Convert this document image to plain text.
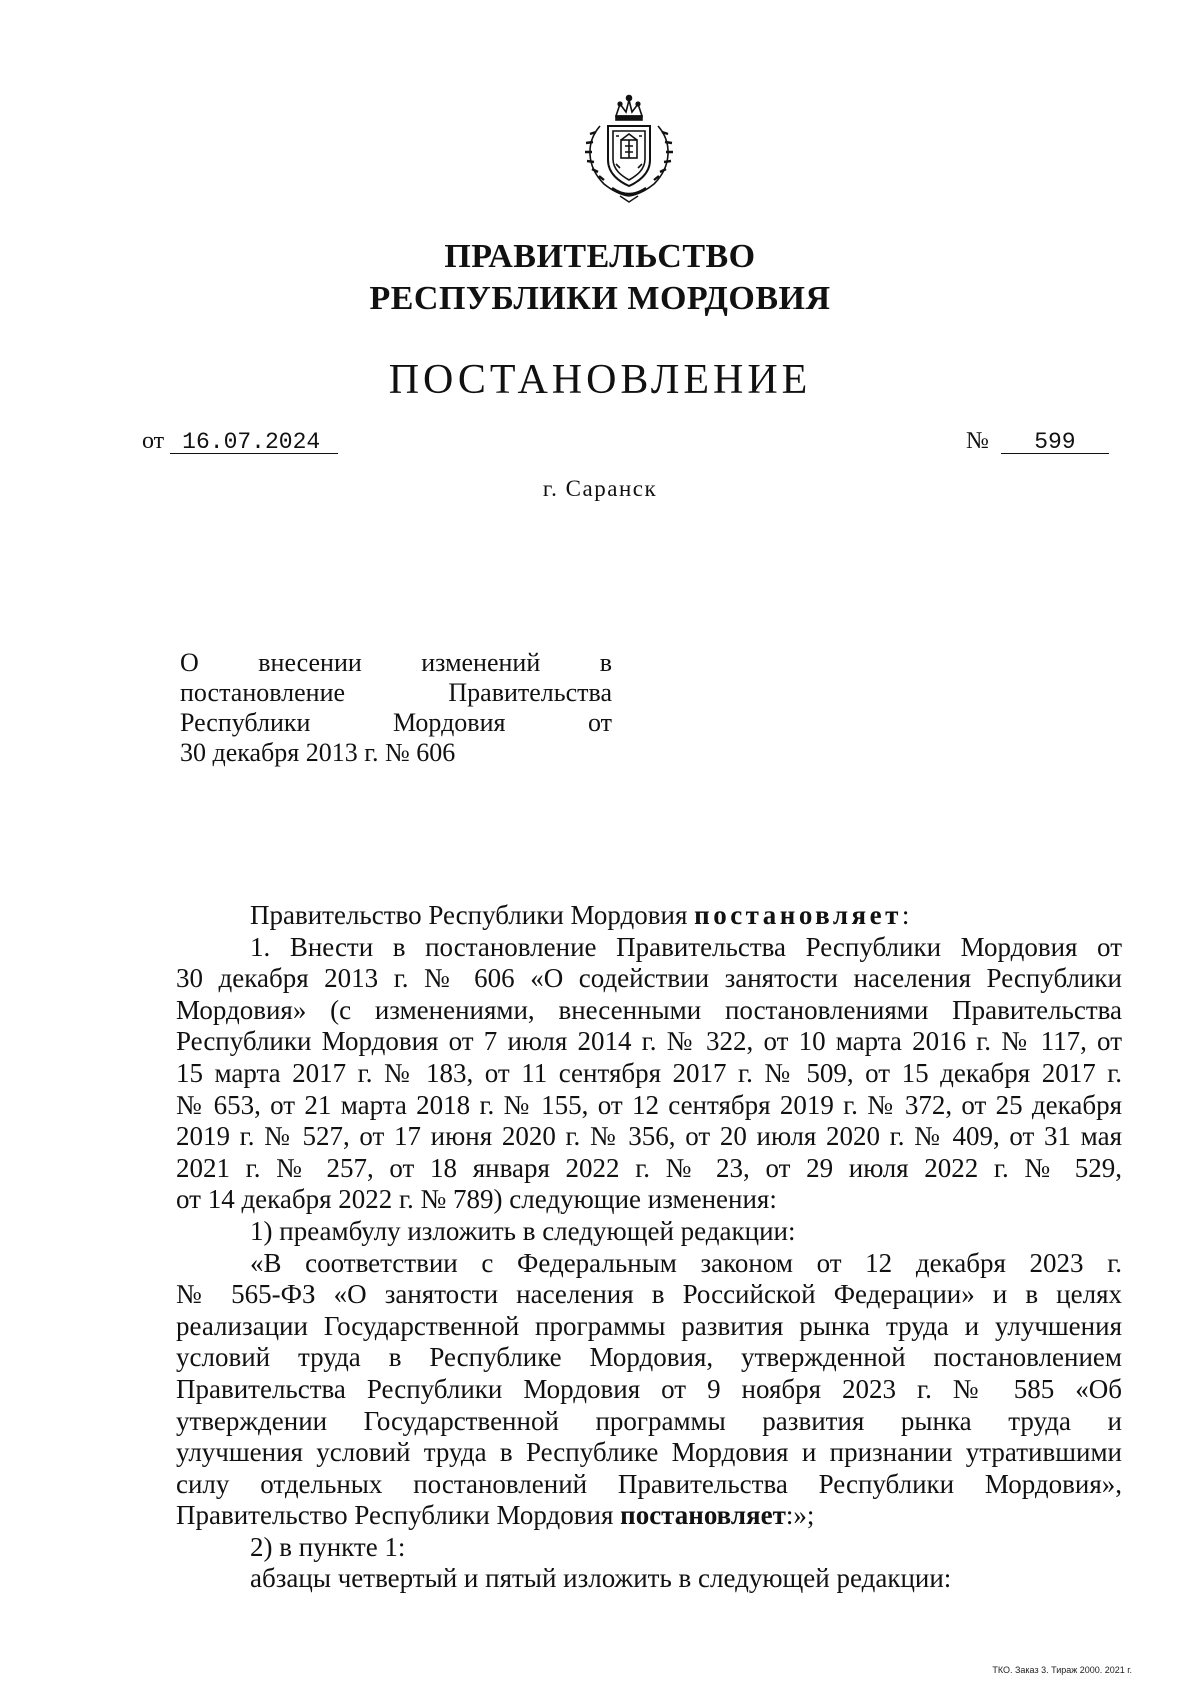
ПРАВИТЕЛЬСТВО
РЕСПУБЛИКИ МОРДОВИЯ
ПОСТАНОВЛЕНИЕ
от 16.07.2024	№ 599
г. Саранск
О внесении изменений в
постановление	Правительства
Республики	Мордовия	от
30 декабря 2013 г. № 606
Правительство Республики Мордовия постановляет:
1. Внести в постановление Правительства Республики Мордовия от
30 декабря 2013 г. № 606 «О содействии занятости населения Республики
Мордовия» (с изменениями, внесенными постановлениями Правительства
Республики Мордовия от 7 июля 2014 г. № 322, от 10 марта 2016 г. № 117, от
15 марта 2017 г. № 183, от 11 сентября 2017 г. № 509, от 15 декабря 2017 г.
№ 653, от 21 марта 2018 г. № 155, от 12 сентября 2019 г. № 372, от 25 декабря
2019 г. № 527, от 17 июня 2020 г. № 356, от 20 июля 2020 г. № 409, от 31 мая
2021 г. № 257, от 18 января 2022 г. № 23, от 29 июля 2022 г. № 529,
от 14 декабря 2022 г. № 789) следующие изменения:
1) преамбулу изложить в следующей редакции:
«В соответствии с Федеральным законом от 12 декабря 2023 г.
№ 565-ФЗ «О занятости населения в Российской Федерации» и в целях
реализации Государственной программы развития рынка труда и улучшения
условий труда в Республике Мордовия, утвержденной постановлением
Правительства Республики Мордовия от 9 ноября 2023 г. № 585 «Об
утверждении Государственной программы развития рынка труда и
улучшения условий труда в Республике Мордовия и признании утратившими
силу отдельных постановлений Правительства Республики Мордовия»,
Правительство Республики Мордовия постановляет:»;
2) в пункте 1:
абзацы четвертый и пятый изложить в следующей редакции:
ТКО. Заказ 3. Тираж 2000. 2021 г.
